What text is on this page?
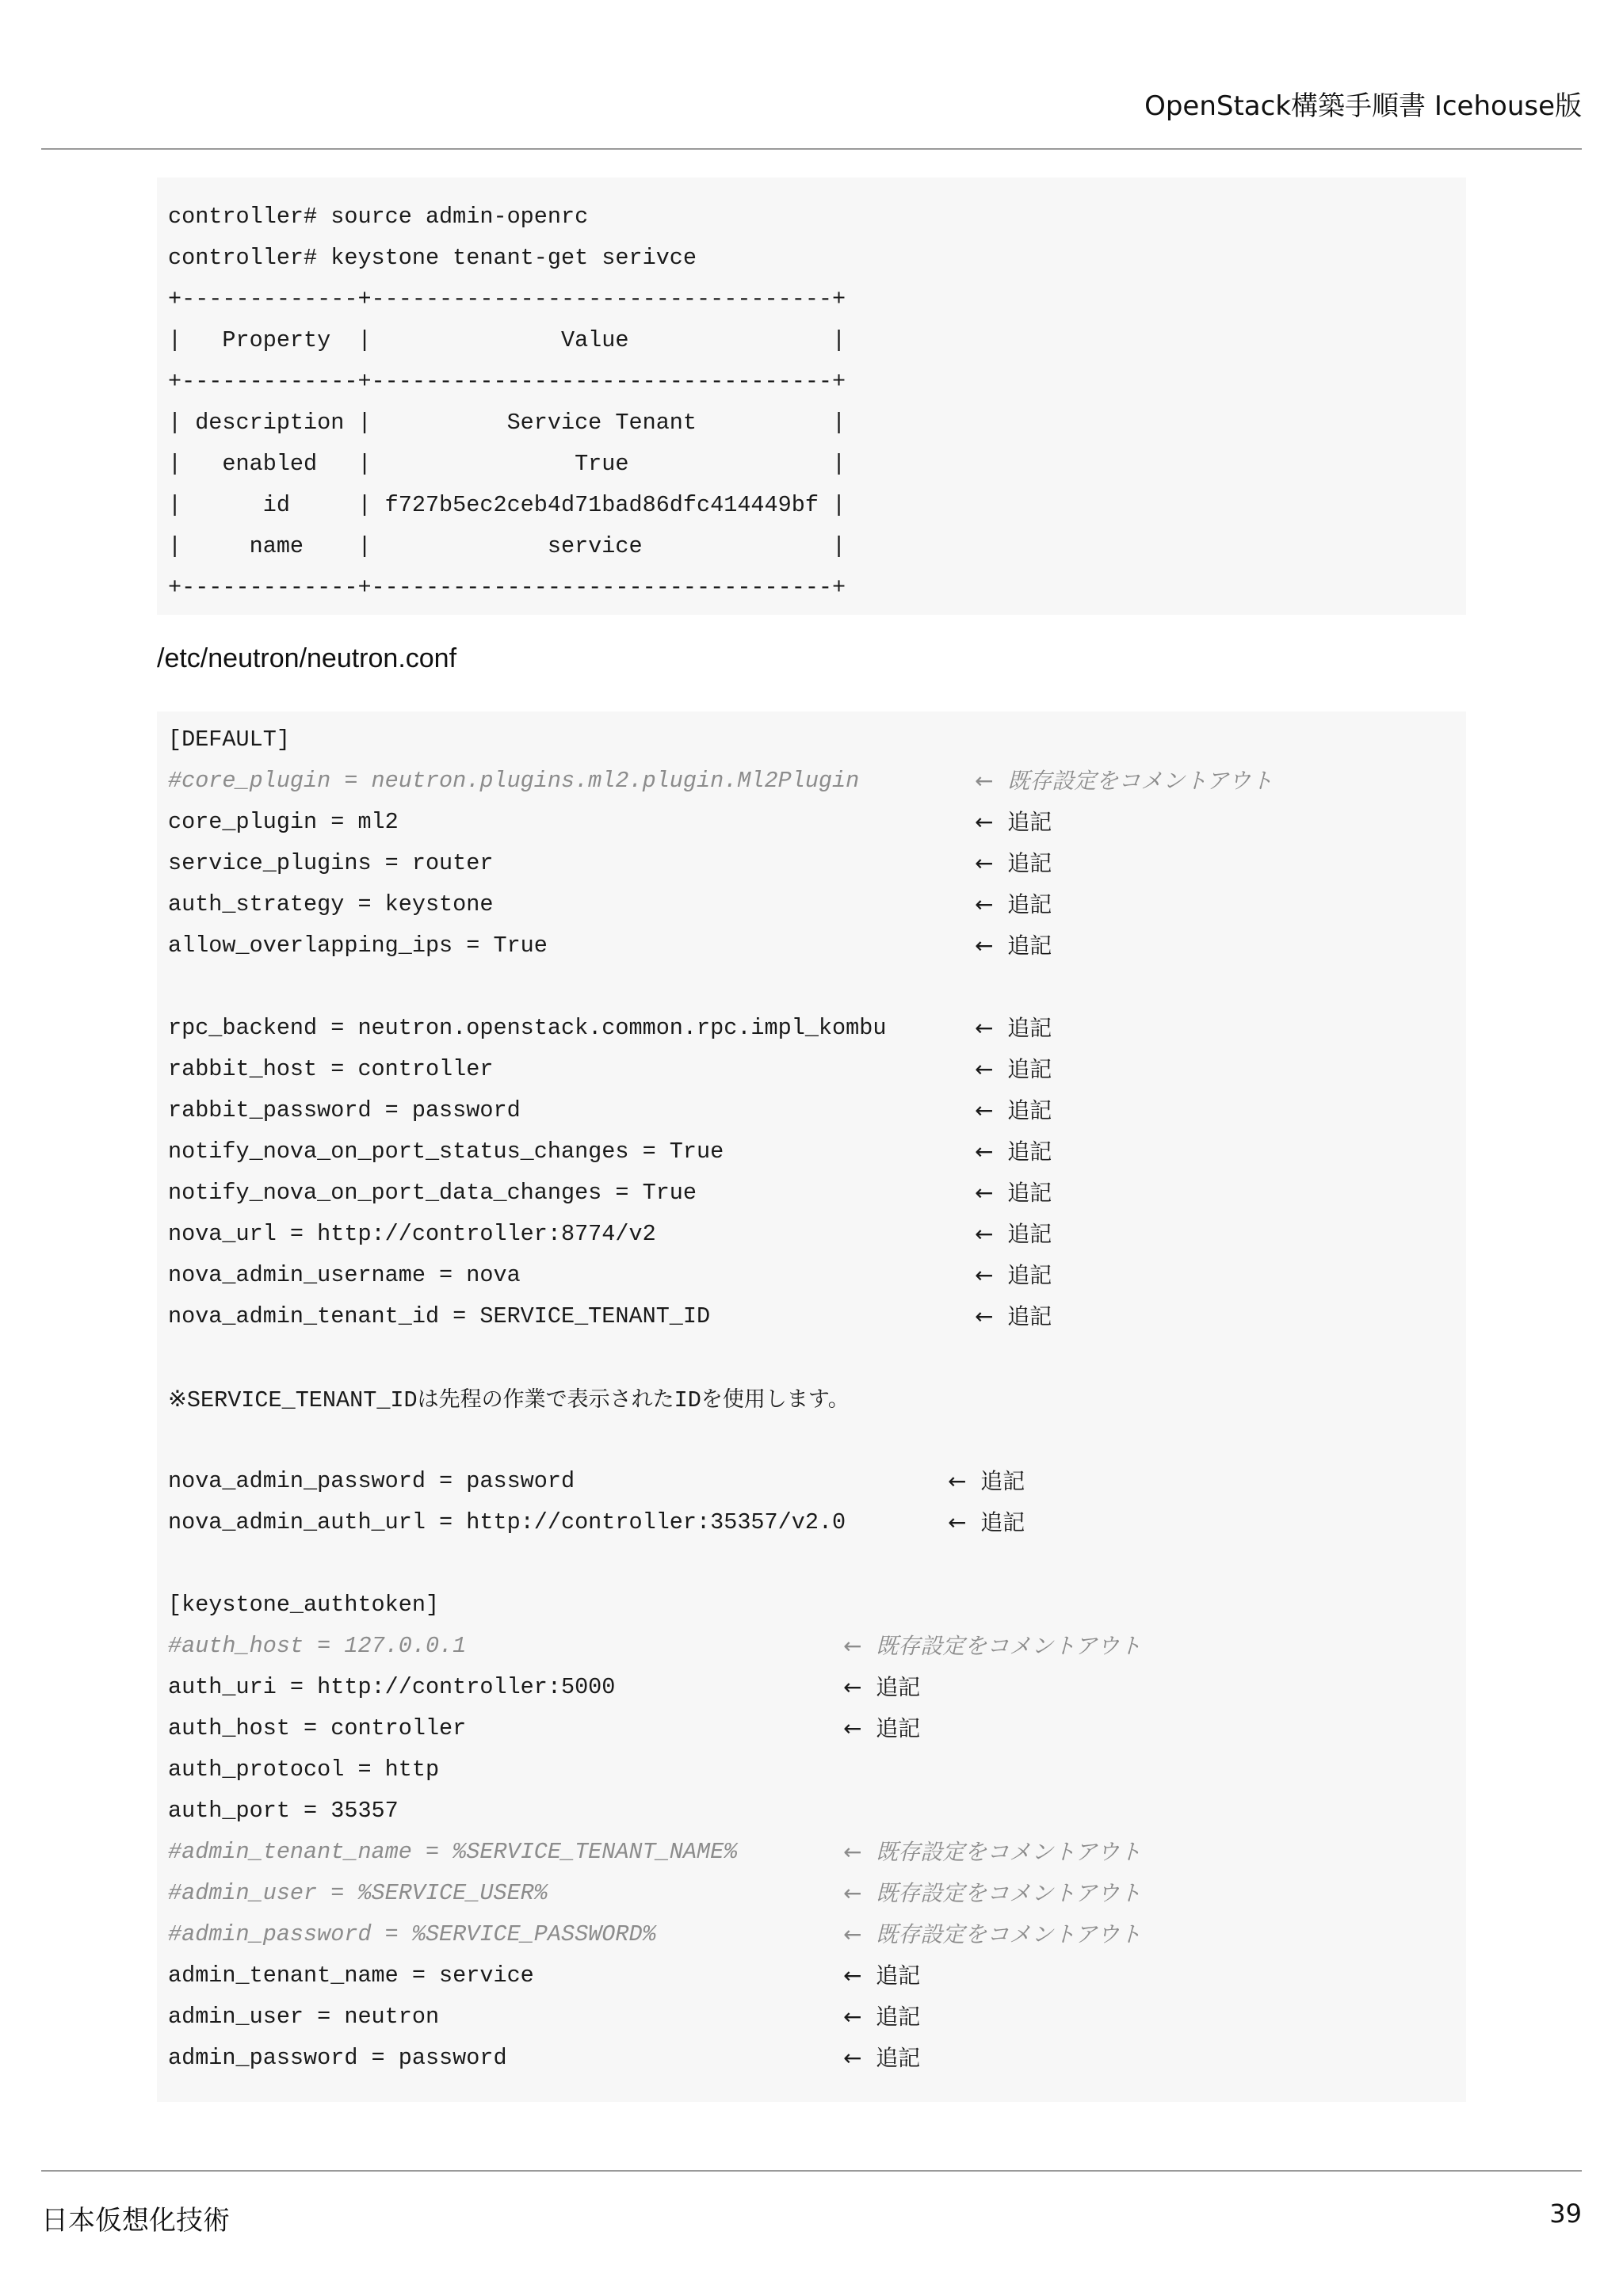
OpenStack構築手順書 Icehouse版
controller# source admin-openrc
controller# keystone tenant-get serivce
+-------------+----------------------------------+
|   Property  |              Value               |
+-------------+----------------------------------+
| description |          Service Tenant          |
|   enabled   |               True               |
|      id     | f727b5ec2ceb4d71bad86dfc414449bf |
|     name    |             service              |
+-------------+----------------------------------+
/etc/neutron/neutron.conf
[DEFAULT]
#core_plugin = neutron.plugins.ml2.plugin.Ml2Plugin	←  既存設定をコメントアウト
core_plugin = ml2	←  追記
service_plugins = router	←  追記
auth_strategy = keystone	←  追記
allow_overlapping_ips = True	←  追記
rpc_backend = neutron.openstack.common.rpc.impl_kombu	←  追記
rabbit_host = controller	←  追記
rabbit_password = password	←  追記
notify_nova_on_port_status_changes = True	←  追記
notify_nova_on_port_data_changes = True	←  追記
nova_url = http://controller:8774/v2	←  追記
nova_admin_username = nova	←  追記
nova_admin_tenant_id = SERVICE_TENANT_ID	←  追記
※SERVICE_TENANT_IDは先程の作業で表示されたIDを使用します。
nova_admin_password = password	←  追記
nova_admin_auth_url = http://controller:35357/v2.0	←  追記
[keystone_authtoken]
#auth_host = 127.0.0.1	←  既存設定をコメントアウト
auth_uri = http://controller:5000	←  追記
auth_host = controller	←  追記
auth_protocol = http
auth_port = 35357
#admin_tenant_name = %SERVICE_TENANT_NAME%	←  既存設定をコメントアウト
#admin_user = %SERVICE_USER%	←  既存設定をコメントアウト
#admin_password = %SERVICE_PASSWORD%	←  既存設定をコメントアウト
admin_tenant_name = service	←  追記
admin_user = neutron	←  追記
admin_password = password	←  追記
日本仮想化技術	39
